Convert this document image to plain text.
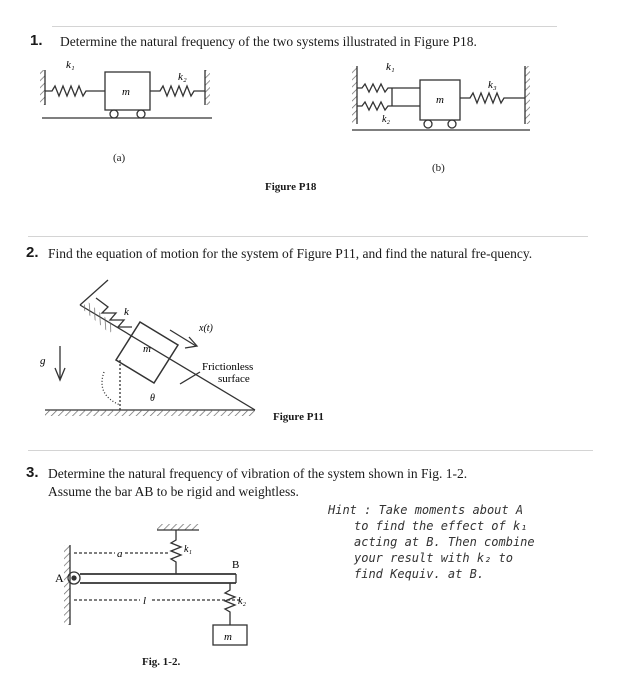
1. Determine the natural frequency of the two systems illustrated in Figure P18.
k₁
k₂
m
k₁
k₂
k₃
m
k
m
x(t)
g
θ
Frictionless
surface
A
B
a
l
k₁
k₂
m
(a)
(b)
Figure P18
2. Find the equation of motion for the system of Figure P11, and find the natural fre-quency.
Figure P11
3. Determine the natural frequency of vibration of the system shown in Fig. 1-2.
Assume the bar AB to be rigid and weightless.
Hint : Take moments about A
to find the effect of k₁
acting at B. Then combine
your result with k₂ to
find Kequiv. at B.
Fig. 1-2.
